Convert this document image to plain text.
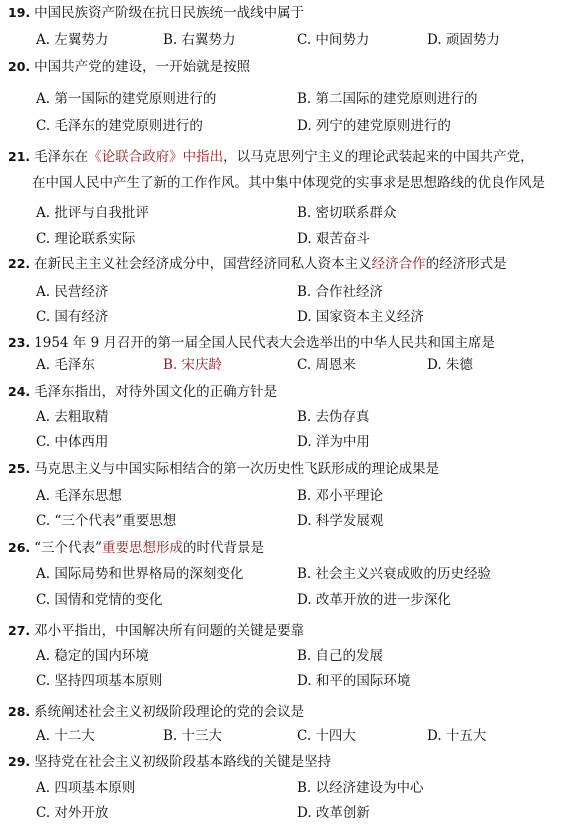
19. 中国民族资产阶级在抗日民族统一战线中属于
A. 左翼势力	B. 右翼势力	C. 中间势力	D. 顽固势力
20. 中国共产党的建设，一开始就是按照
A. 第一国际的建党原则进行的	B. 第二国际的建党原则进行的
C. 毛泽东的建党原则进行的	D. 列宁的建党原则进行的
21. 毛泽东在《论联合政府》中指出，以马克思列宁主义的理论武装起来的中国共产党，
在中国人民中产生了新的工作作风。其中集中体现党的实事求是思想路线的优良作风是
A. 批评与自我批评	B. 密切联系群众
C. 理论联系实际	D. 艰苦奋斗
22. 在新民主主义社会经济成分中，国营经济同私人资本主义经济合作的经济形式是
A. 民营经济	B. 合作社经济
C. 国有经济	D. 国家资本主义经济
23. 1954 年 9 月召开的第一届全国人民代表大会选举出的中华人民共和国主席是
A. 毛泽东	B. 宋庆龄	C. 周恩来	D. 朱德
24. 毛泽东指出，对待外国文化的正确方针是
A. 去粗取精	B. 去伪存真
C. 中体西用	D. 洋为中用
25. 马克思主义与中国实际相结合的第一次历史性飞跃形成的理论成果是
A. 毛泽东思想	B. 邓小平理论
C. “三个代表”重要思想	D. 科学发展观
26. “三个代表”重要思想形成的时代背景是
A. 国际局势和世界格局的深刻变化	B. 社会主义兴衰成败的历史经验
C. 国情和党情的变化	D. 改革开放的进一步深化
27. 邓小平指出，中国解决所有问题的关键是要靠
A. 稳定的国内环境	B. 自己的发展
C. 坚持四项基本原则	D. 和平的国际环境
28. 系统阐述社会主义初级阶段理论的党的会议是
A. 十二大	B. 十三大	C. 十四大	D. 十五大
29. 坚持党在社会主义初级阶段基本路线的关键是坚持
A. 四项基本原则	B. 以经济建设为中心
C. 对外开放	D. 改革创新
